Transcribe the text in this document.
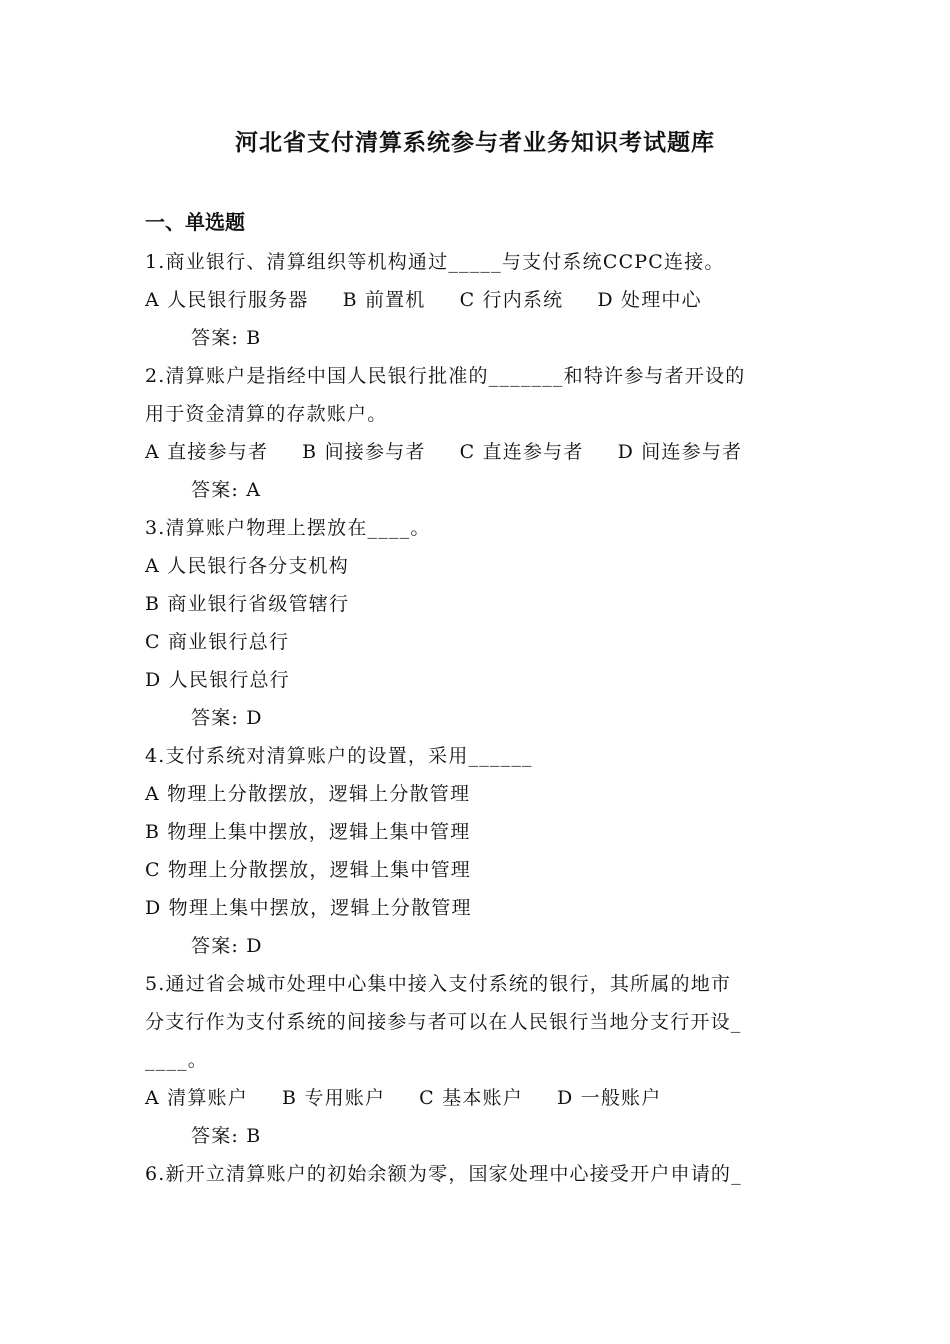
河北省支付清算系统参与者业务知识考试题库
一、单选题
1.商业银行、清算组织等机构通过_____与支付系统CCPC连接。
A 人民银行服务器 B 前置机 C 行内系统 D 处理中心
答案: B
2.清算账户是指经中国人民银行批准的_______和特许参与者开设的
用于资金清算的存款账户。
A 直接参与者 B 间接参与者 C 直连参与者 D 间连参与者
答案: A
3.清算账户物理上摆放在____。
A 人民银行各分支机构
B 商业银行省级管辖行
C 商业银行总行
D 人民银行总行
答案: D
4.支付系统对清算账户的设置，采用______
A 物理上分散摆放，逻辑上分散管理
B 物理上集中摆放，逻辑上集中管理
C 物理上分散摆放，逻辑上集中管理
D 物理上集中摆放，逻辑上分散管理
答案: D
5.通过省会城市处理中心集中接入支付系统的银行，其所属的地市
分支行作为支付系统的间接参与者可以在人民银行当地分支行开设_
____。
A 清算账户 B 专用账户 C 基本账户 D 一般账户
答案: B
6.新开立清算账户的初始余额为零，国家处理中心接受开户申请的_
